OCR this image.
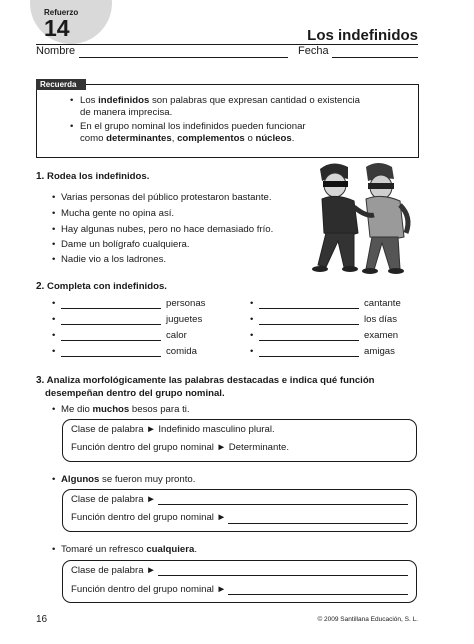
Refuerzo
14	Los indefinidos
Nombre	Fecha
Recuerda
• Los indefinidos son palabras que expresan cantidad o existencia
de manera imprecisa.
• En el grupo nominal los indefinidos pueden funcionar
como determinantes, complementos o núcleos.
1. Rodea los indefinidos.
• Varias personas del público protestaron bastante.
• Mucha gente no opina así.
• Hay algunas nubes, pero no hace demasiado frío.
• Dame un bolígrafo cualquiera.
• Nadie vio a los ladrones.
2. Completa con indefinidos.
•	personas
•	juguetes
•	calor
•	comida
•	cantante
•	los días
•	examen
•	amigas
3. Analiza morfológicamente las palabras destacadas e indica qué función
desempeñan dentro del grupo nominal.
• Me dio muchos besos para ti.
Clase de palabra ► Indefinido masculino plural.
Función dentro del grupo nominal ► Determinante.
• Algunos se fueron muy pronto.
Clase de palabra ►
Función dentro del grupo nominal ►
• Tomaré un refresco cualquiera.
Clase de palabra ►
Función dentro del grupo nominal ►
16	© 2009 Santillana Educación, S. L.
